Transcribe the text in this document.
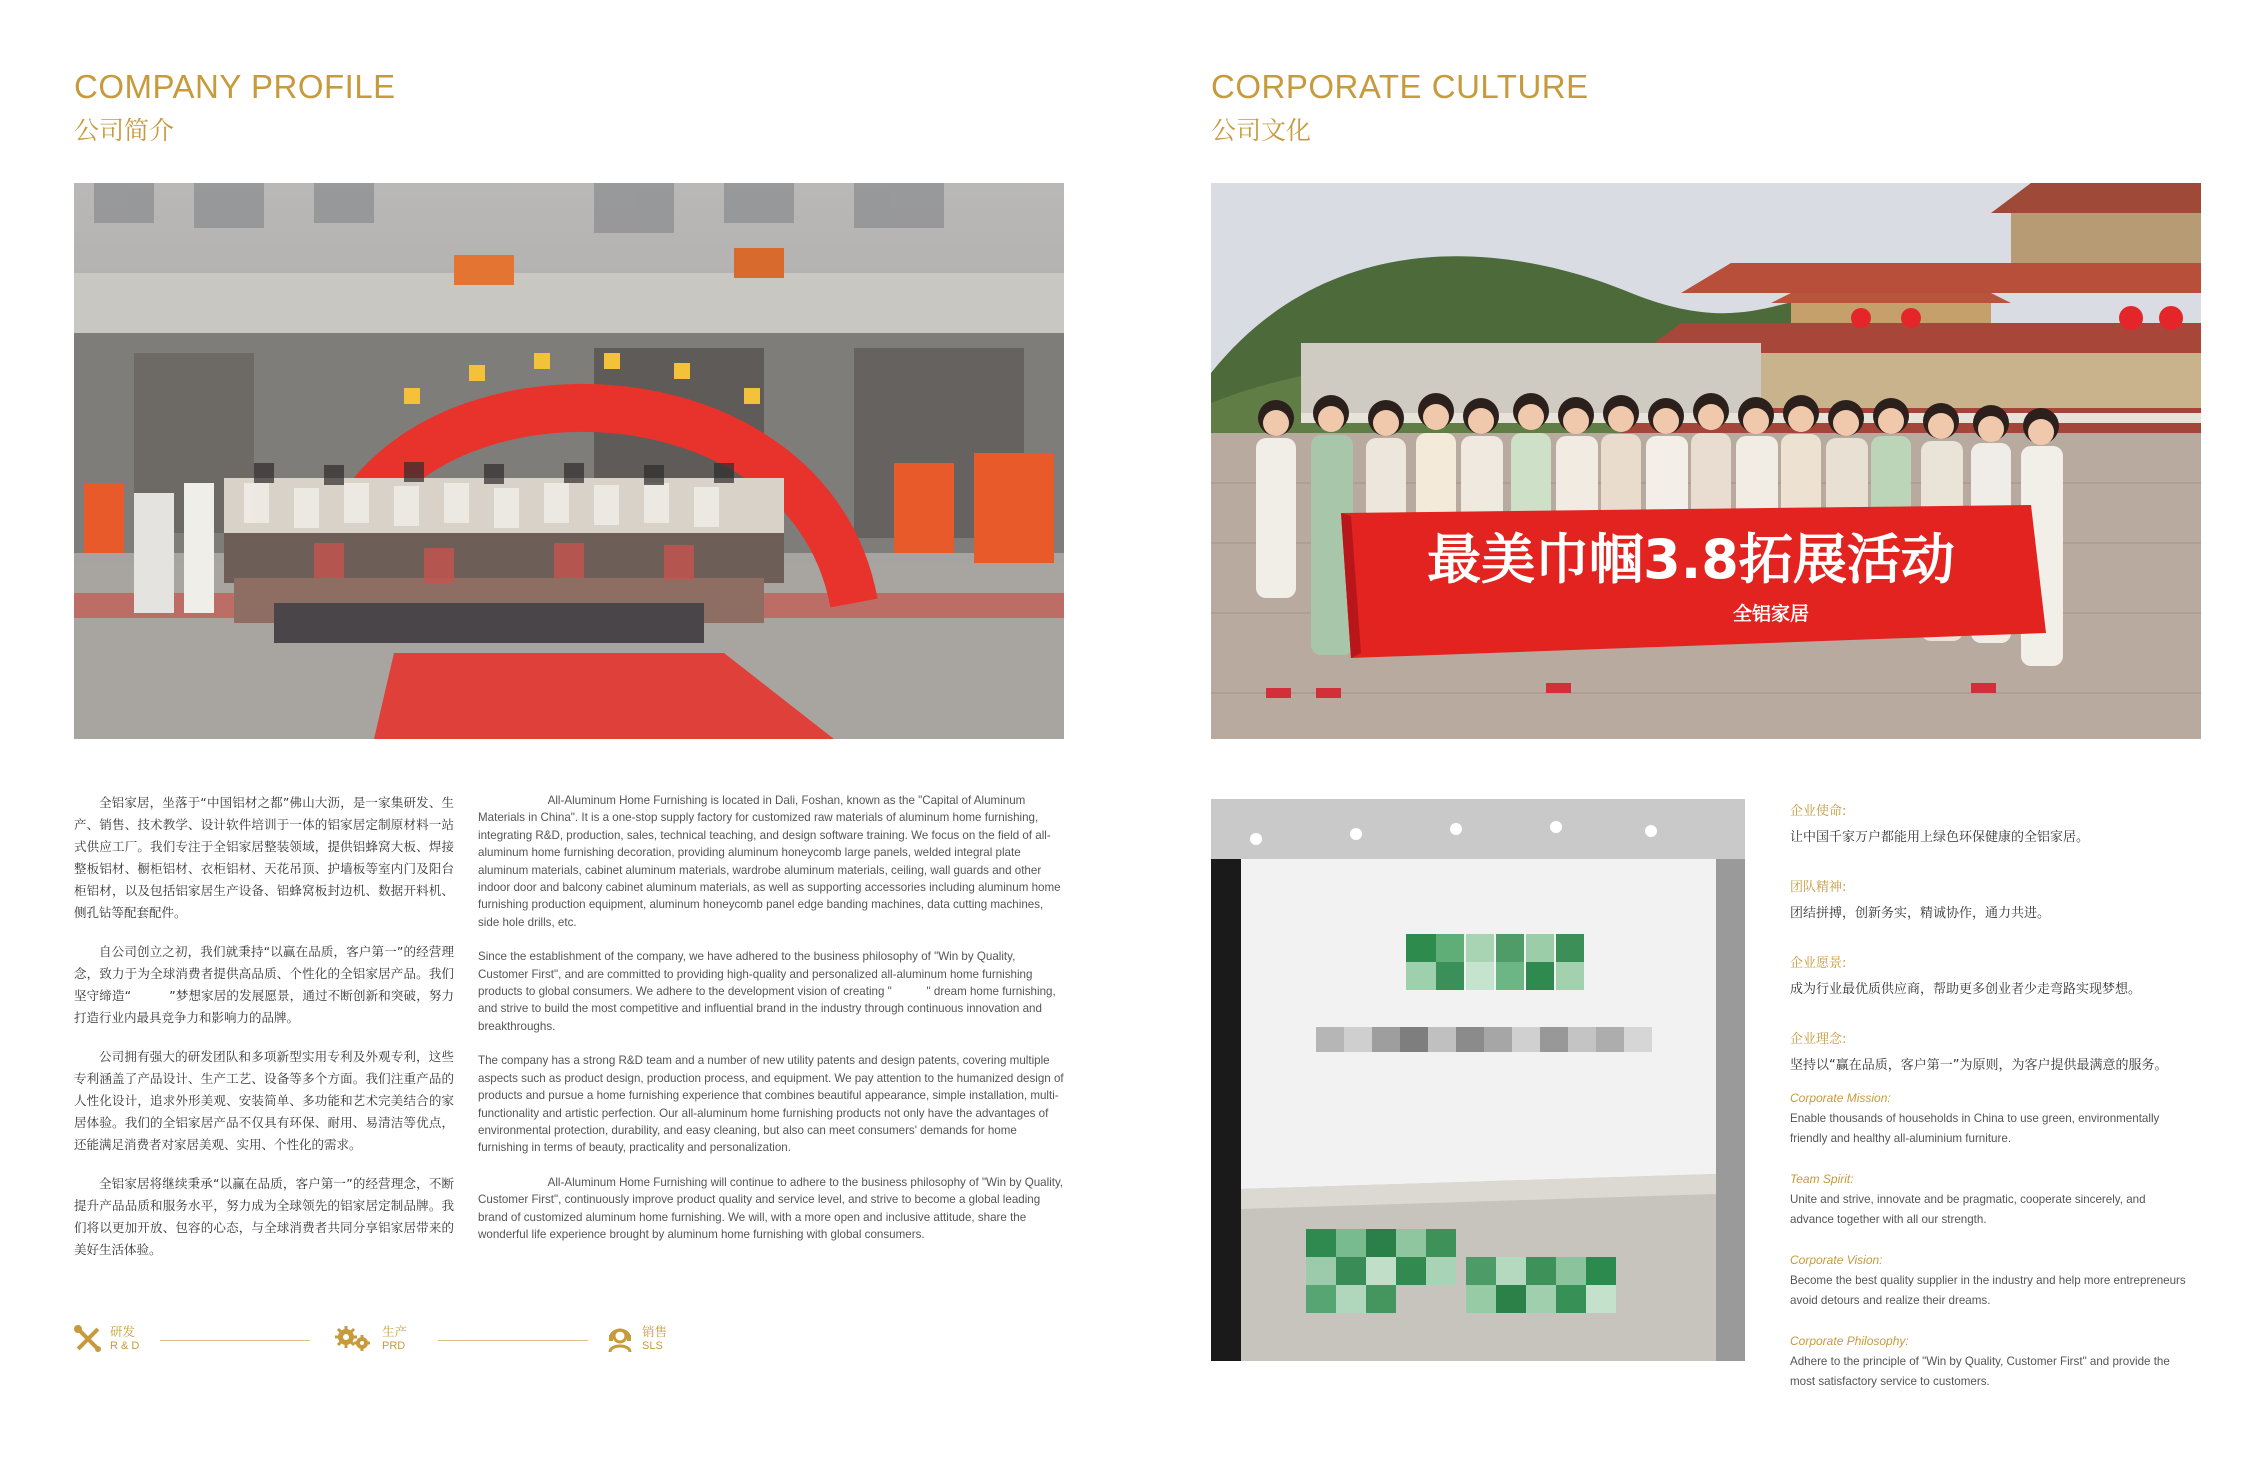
COMPANY PROFILE
公司简介

全铝家居，坐落于“中国铝材之都”佛山大沥，是一家集研发、生产、销售、技术教学、设计软件培训于一体的铝家居定制原材料一站式供应工厂。我们专注于全铝家居整装领域，提供铝蜂窝大板、焊接整板铝材、橱柜铝材、衣柜铝材、天花吊顶、护墙板等室内门及阳台柜铝材，以及包括铝家居生产设备、铝蜂窝板封边机、数据开料机、侧孔钻等配套配件。

自公司创立之初，我们就秉持“以赢在品质，客户第一”的经营理念，致力于为全球消费者提供高品质、个性化的全铝家居产品。我们坚守缔造“　　　”梦想家居的发展愿景，通过不断创新和突破，努力打造行业内最具竞争力和影响力的品牌。

公司拥有强大的研发团队和多项新型实用专利及外观专利，这些专利涵盖了产品设计、生产工艺、设备等多个方面。我们注重产品的人性化设计，追求外形美观、安装简单、多功能和艺术完美结合的家居体验。我们的全铝家居产品不仅具有环保、耐用、易清洁等优点，还能满足消费者对家居美观、实用、个性化的需求。

全铝家居将继续秉承“以赢在品质，客户第一”的经营理念，不断提升产品品质和服务水平，努力成为全球领先的铝家居定制品牌。我们将以更加开放、包容的心态，与全球消费者共同分享铝家居带来的美好生活体验。

All-Aluminum Home Furnishing is located in Dali, Foshan, known as the "Capital of Aluminum Materials in China". It is a one-stop supply factory for customized raw materials of aluminum home furnishing, integrating R&D, production, sales, technical teaching, and design software training. We focus on the field of all-aluminum home furnishing decoration, providing aluminum honeycomb large panels, welded integral plate aluminum materials, cabinet aluminum materials, wardrobe aluminum materials, ceiling, wall guards and other indoor door and balcony cabinet aluminum materials, as well as supporting accessories including aluminum home furnishing production equipment, aluminum honeycomb panel edge banding machines, data cutting machines, side hole drills, etc.

Since the establishment of the company, we have adhered to the business philosophy of "Win by Quality, Customer First", and are committed to providing high-quality and personalized all-aluminum home furnishing products to global consumers. We adhere to the development vision of creating "　　　" dream home furnishing, and strive to build the most competitive and influential brand in the industry through continuous innovation and breakthroughs.

The company has a strong R&D team and a number of new utility patents and design patents, covering multiple aspects such as product design, production process, and equipment. We pay attention to the humanized design of products and pursue a home furnishing experience that combines beautiful appearance, simple installation, multi-functionality and artistic perfection. Our all-aluminum home furnishing products not only have the advantages of environmental protection, durability, and easy cleaning, but also can meet consumers' demands for home furnishing in terms of beauty, practicality and personalization.

All-Aluminum Home Furnishing will continue to adhere to the business philosophy of "Win by Quality, Customer First", continuously improve product quality and service level, and strive to become a global leading brand of customized aluminum home furnishing. We will, with a more open and inclusive attitude, share the wonderful life experience brought by aluminum home furnishing with global consumers.

研发
R & D
生产
PRD
销售
SLS
CORPORATE CULTURE
公司文化
最美巾帼3.8拓展活动
全铝家居

企业使命:

让中国千家万户都能用上绿色环保健康的全铝家居。

团队精神:

团结拼搏，创新务实，精诚协作，通力共进。

企业愿景:

成为行业最优质供应商，帮助更多创业者少走弯路实现梦想。

企业理念:

坚持以“赢在品质，客户第一”为原则，为客户提供最满意的服务。

Corporate Mission:

Enable thousands of households in China to use green, environmentally friendly and healthy all-aluminium furniture.

Team Spirit:

Unite and strive, innovate and be pragmatic, cooperate sincerely, and advance together with all our strength.

Corporate Vision:

Become the best quality supplier in the industry and help more entrepreneurs avoid detours and realize their dreams.

Corporate Philosophy:

Adhere to the principle of "Win by Quality, Customer First" and provide the most satisfactory service to customers.
